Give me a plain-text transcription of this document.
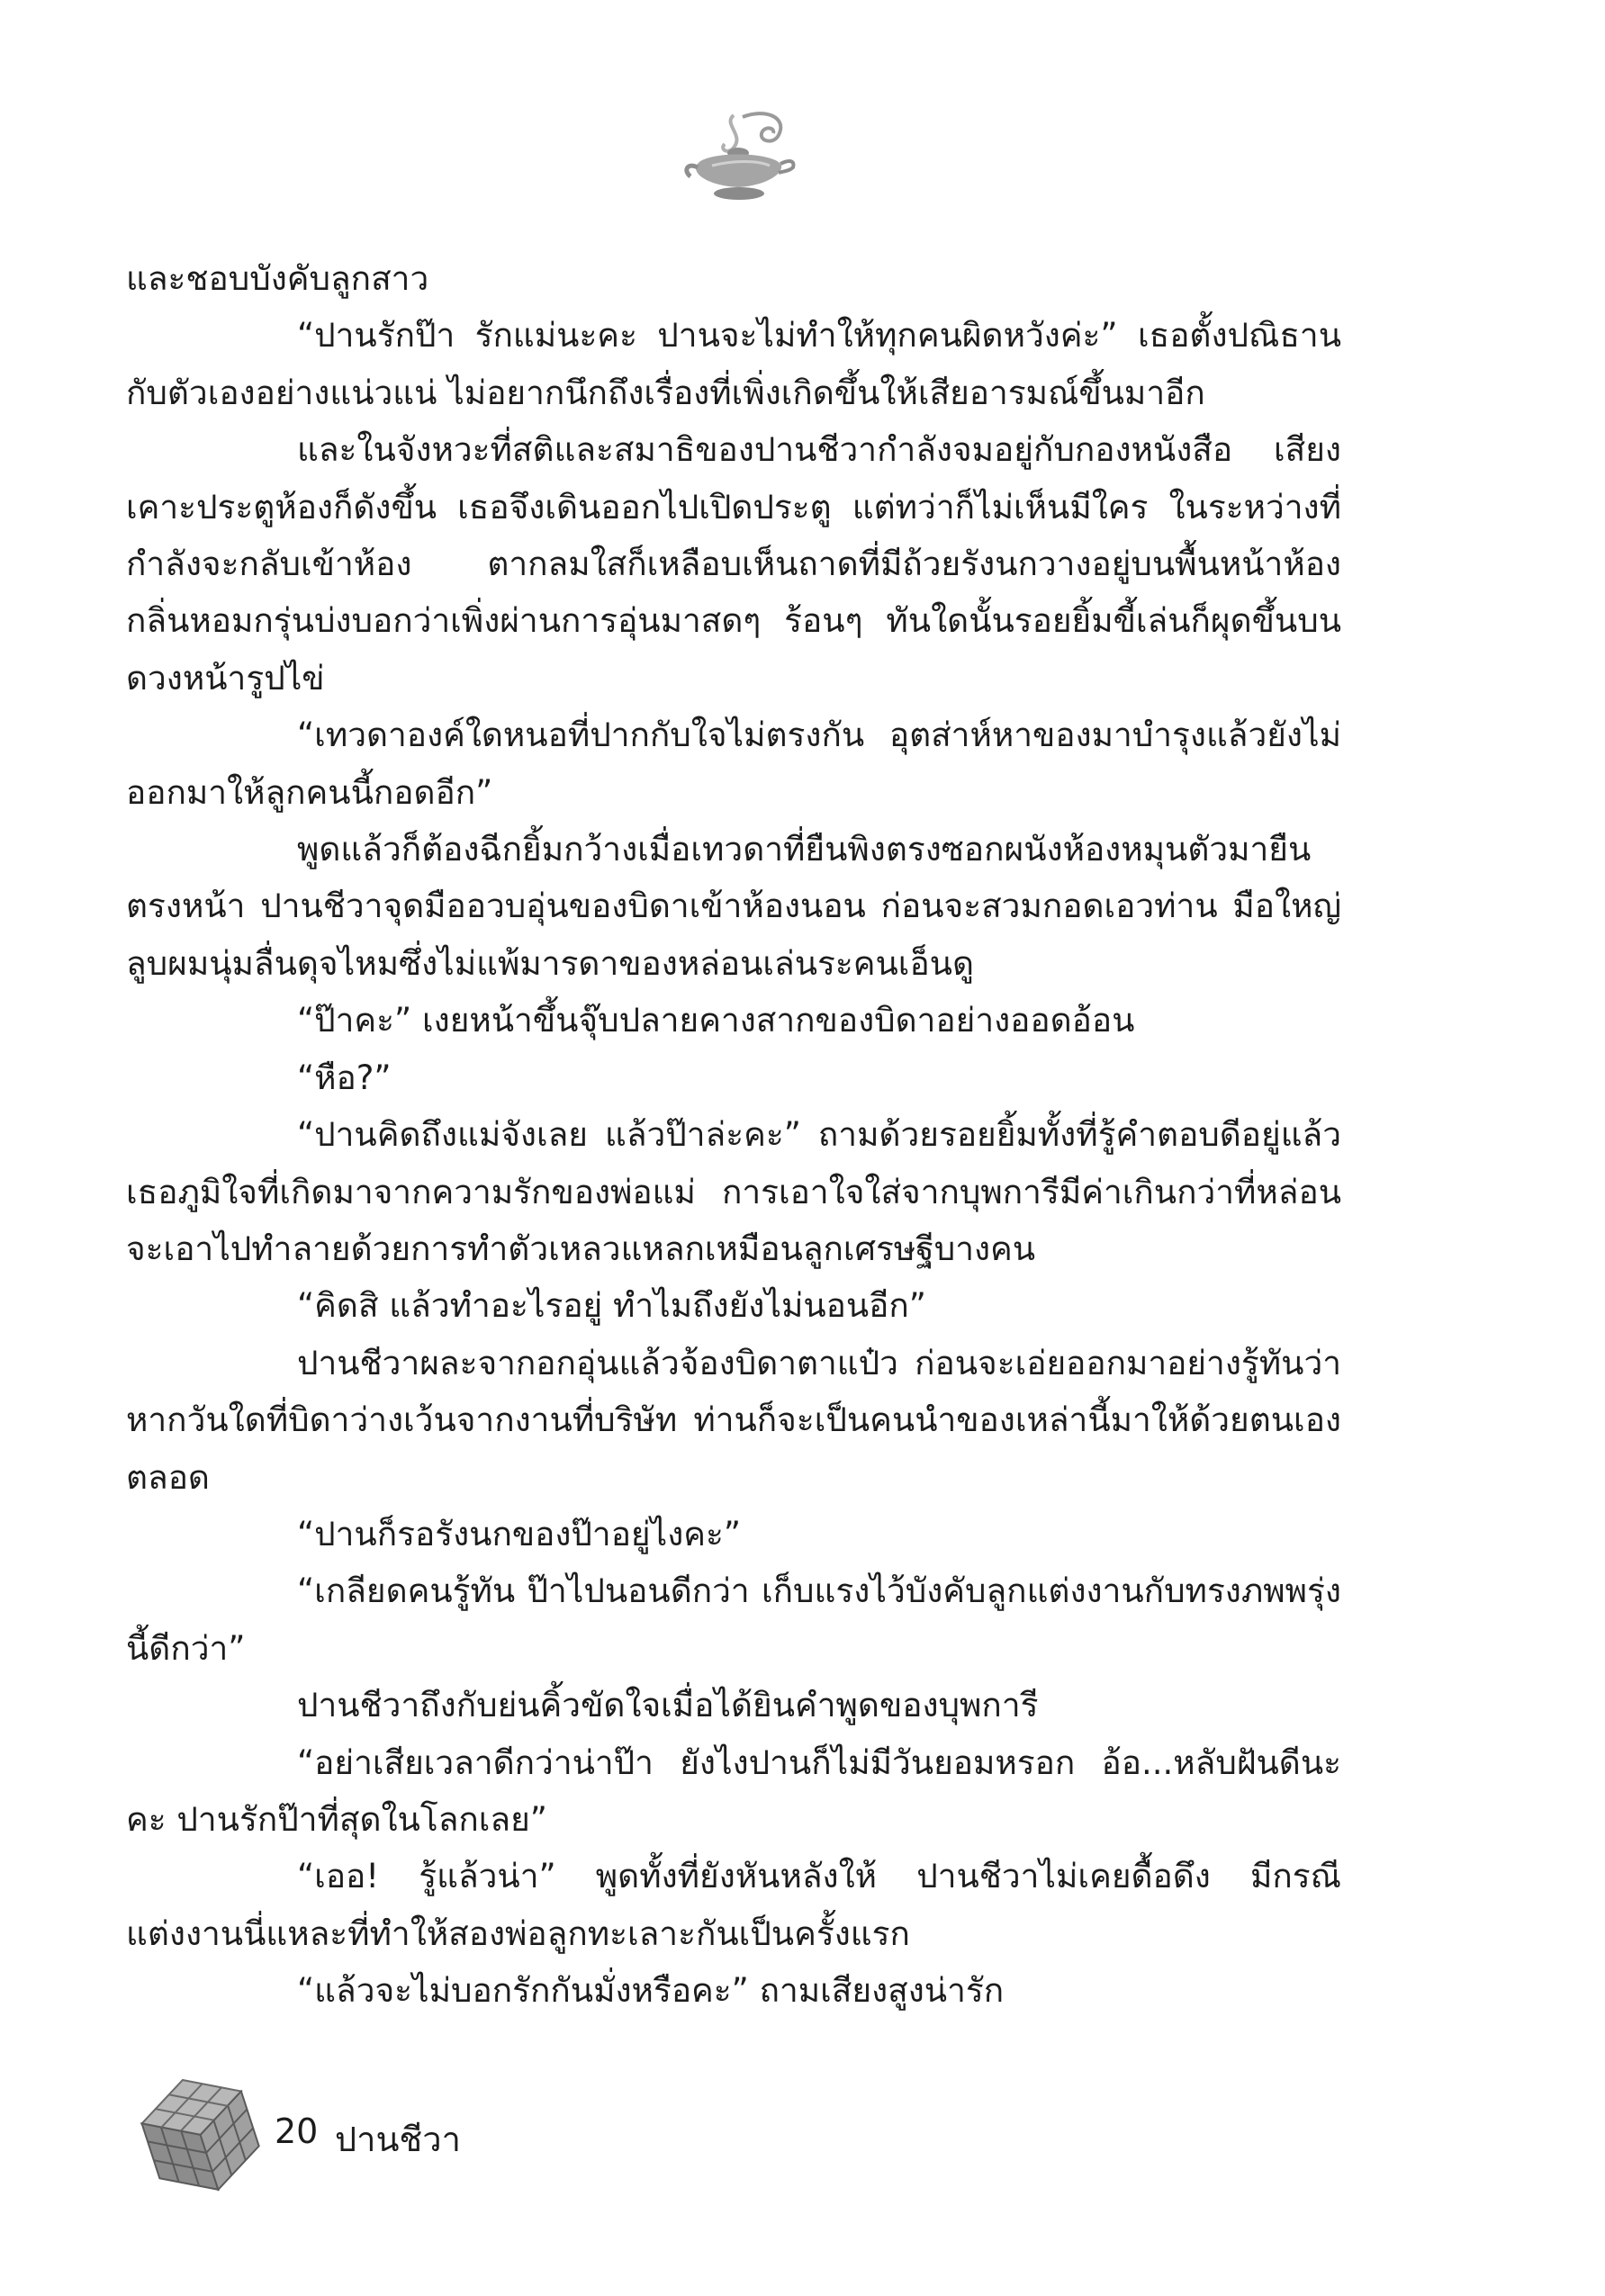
และชอบบังคับลูกสาว

“ปานรักป๊า รักแม่นะคะ ปานจะไม่ทำให้ทุกคนผิดหวังค่ะ” เธอตั้งปณิธานกับตัวเองอย่างแน่วแน่ ไม่อยากนึกถึงเรื่องที่เพิ่งเกิดขึ้นให้เสียอารมณ์ขึ้นมาอีก

และในจังหวะที่สติและสมาธิของปานชีวากำลังจมอยู่กับกองหนังสือ เสียงเคาะประตูห้องก็ดังขึ้น เธอจึงเดินออกไปเปิดประตู แต่ทว่าก็ไม่เห็นมีใคร ในระหว่างที่กำลังจะกลับเข้าห้อง ตากลมใสก็เหลือบเห็นถาดที่มีถ้วยรังนกวางอยู่บนพื้นหน้าห้อง กลิ่นหอมกรุ่นบ่งบอกว่าเพิ่งผ่านการอุ่นมาสดๆ ร้อนๆ ทันใดนั้นรอยยิ้มขี้เล่นก็ผุดขึ้นบนดวงหน้ารูปไข่

“เทวดาองค์ใดหนอที่ปากกับใจไม่ตรงกัน อุตส่าห์หาของมาบำรุงแล้วยังไม่ออกมาให้ลูกคนนี้กอดอีก”

พูดแล้วก็ต้องฉีกยิ้มกว้างเมื่อเทวดาที่ยืนพิงตรงซอกผนังห้องหมุนตัวมายืนตรงหน้า ปานชีวาจุดมืออวบอุ่นของบิดาเข้าห้องนอน ก่อนจะสวมกอดเอวท่าน มือใหญ่ลูบผมนุ่มลื่นดุจไหมซึ่งไม่แพ้มารดาของหล่อนเล่นระคนเอ็นดู

“ป๊าคะ” เงยหน้าขึ้นจุ๊บปลายคางสากของบิดาอย่างออดอ้อน

“หือ?”

“ปานคิดถึงแม่จังเลย แล้วป๊าล่ะคะ” ถามด้วยรอยยิ้มทั้งที่รู้คำตอบดีอยู่แล้ว เธอภูมิใจที่เกิดมาจากความรักของพ่อแม่ การเอาใจใส่จากบุพการีมีค่าเกินกว่าที่หล่อนจะเอาไปทำลายด้วยการทำตัวเหลวแหลกเหมือนลูกเศรษฐีบางคน

“คิดสิ แล้วทำอะไรอยู่ ทำไมถึงยังไม่นอนอีก”

ปานชีวาผละจากอกอุ่นแล้วจ้องบิดาตาแป๋ว ก่อนจะเอ่ยออกมาอย่างรู้ทันว่าหากวันใดที่บิดาว่างเว้นจากงานที่บริษัท ท่านก็จะเป็นคนนำของเหล่านี้มาให้ด้วยตนเองตลอด

“ปานก็รอรังนกของป๊าอยู่ไงคะ”

“เกลียดคนรู้ทัน ป๊าไปนอนดีกว่า เก็บแรงไว้บังคับลูกแต่งงานกับทรงภพพรุ่งนี้ดีกว่า”

ปานชีวาถึงกับย่นคิ้วขัดใจเมื่อได้ยินคำพูดของบุพการี

“อย่าเสียเวลาดีกว่าน่าป๊า ยังไงปานก็ไม่มีวันยอมหรอก อ้อ...หลับฝันดีนะคะ ปานรักป๊าที่สุดในโลกเลย”

“เออ! รู้แล้วน่า” พูดทั้งที่ยังหันหลังให้ ปานชีวาไม่เคยดื้อดึง มีกรณีแต่งงานนี่แหละที่ทำให้สองพ่อลูกทะเลาะกันเป็นครั้งแรก

“แล้วจะไม่บอกรักกันมั่งหรือคะ” ถามเสียงสูงน่ารัก

20 ปานชีวา
